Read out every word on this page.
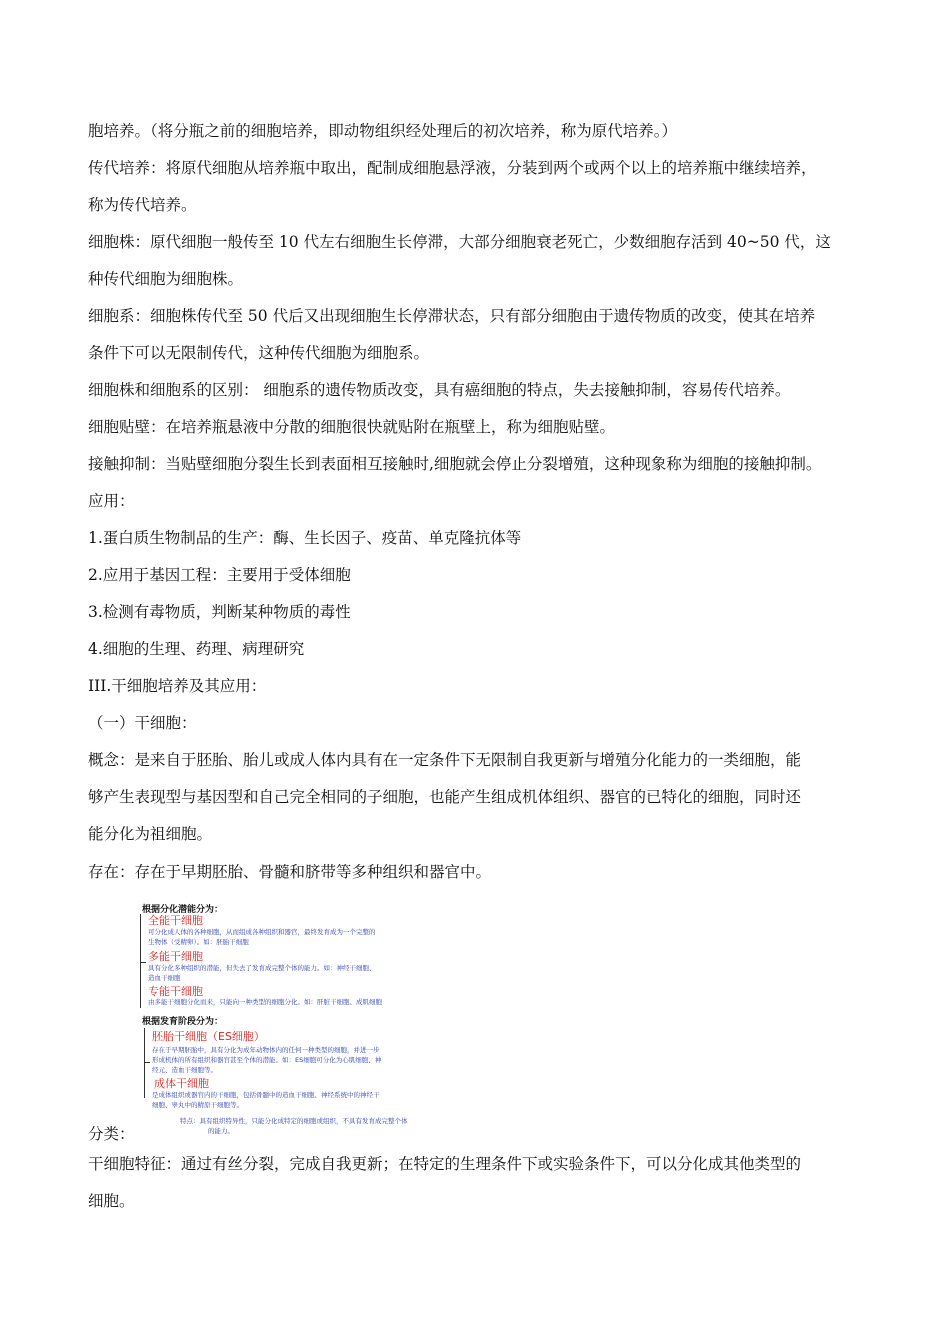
胞培养。（将分瓶之前的细胞培养，即动物组织经处理后的初次培养，称为原代培养。）
传代培养：将原代细胞从培养瓶中取出，配制成细胞悬浮液，分装到两个或两个以上的培养瓶中继续培养，
称为传代培养。
细胞株：原代细胞一般传至 10 代左右细胞生长停滞，大部分细胞衰老死亡，少数细胞存活到 40~50 代，这
种传代细胞为细胞株。
细胞系：细胞株传代至 50 代后又出现细胞生长停滞状态，只有部分细胞由于遗传物质的改变，使其在培养
条件下可以无限制传代，这种传代细胞为细胞系。
细胞株和细胞系的区别： 细胞系的遗传物质改变，具有癌细胞的特点，失去接触抑制，容易传代培养。
细胞贴壁：在培养瓶悬液中分散的细胞很快就贴附在瓶壁上，称为细胞贴壁。
接触抑制：当贴壁细胞分裂生长到表面相互接触时,细胞就会停止分裂增殖，这种现象称为细胞的接触抑制。
应用：
1.蛋白质生物制品的生产：酶、生长因子、疫苗、单克隆抗体等
2.应用于基因工程：主要用于受体细胞
3.检测有毒物质，判断某种物质的毒性
4.细胞的生理、药理、病理研究
III.干细胞培养及其应用：
（一）干细胞：
概念：是来自于胚胎、胎儿或成人体内具有在一定条件下无限制自我更新与增殖分化能力的一类细胞，能
够产生表现型与基因型和自己完全相同的子细胞，也能产生组成机体组织、器官的已特化的细胞，同时还
能分化为祖细胞。
存在：存在于早期胚胎、骨髓和脐带等多种组织和器官中。
根据分化潜能分为：
全能干细胞
可分化成人体的各种细胞，从而组成各种组织和器官，最终发育成为一个完整的
生物体（受精卵）。如：胚胎干细胞
多能干细胞
具有分化多种组织的潜能，但失去了发育成完整个体的能力。如：神经干细胞、
造血干细胞
专能干细胞
由多能干细胞分化而来，只能向一种类型的细胞分化。如：肝脏干细胞、成肌细胞
根据发育阶段分为：
胚胎干细胞（ES细胞）
存在于早期胚胎中，具有分化为成年动物体内的任何一种类型的细胞，并进一步
形成机体的所有组织和器官甚至个体的潜能。如：ES细胞可分化为心肌细胞、神
经元、造血干细胞等。
成体干细胞
是成体组织或器官内的干细胞，包括骨髓中的造血干细胞、神经系统中的神经干
细胞、睾丸中的精原干细胞等。
特点：具有组织特异性，只能分化成特定的细胞或组织，不具有发育成完整个体
的能力。
分类：
干细胞特征：通过有丝分裂，完成自我更新；在特定的生理条件下或实验条件下，可以分化成其他类型的
细胞。
